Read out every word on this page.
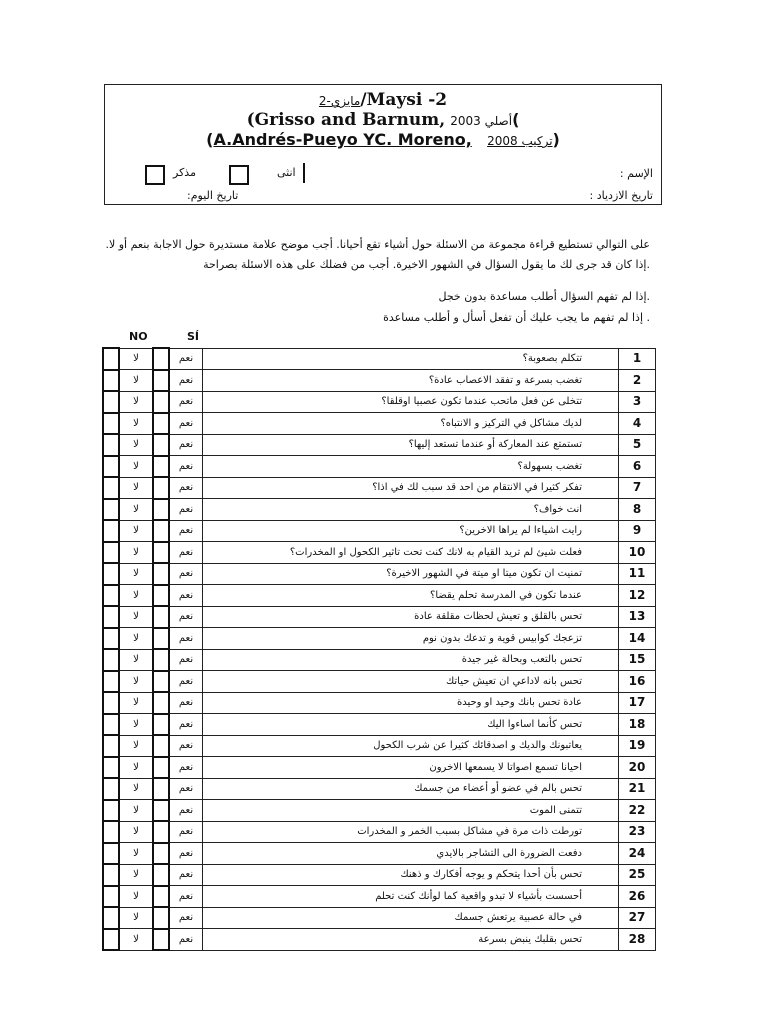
مايزي-2/Maysi -2
(Grisso and Barnum, أصلي 2003(
(A.Andrés-Pueyo YC. Moreno, تركيب 2008)
مذكر	انثى	الإسم :
تاريخ الازدياد :
تاريخ اليوم:
على التوالي تستطيع قراءة مجموعة من الاسئلة حول أشياء تقع أحيانا. أجب موضح علامة مستديرة حول الاجابة بنعم أو لا.
.إذا كان قد جرى لك ما يقول السؤال في الشهور الاخيرة. أجب من فضلك على هذه الاسئلة بصراحة
.إذا لم تفهم السؤال أطلب مساعدة بدون خجل
. إذا لم تفهم ما يجب عليك أن تفعل أسأل و أطلب مساعدة
NO	SÍ
	لا		نعم	تتكلم بصعوبة؟	1
	لا		نعم	تغضب بسرعة و تفقد الاعصاب عادة؟	2
	لا		نعم	تتخلى عن فعل ماتحب عندما تكون عصبيا اوقلقا؟	3
	لا		نعم	لديك مشاكل في التركيز و الانتباه؟	4
	لا		نعم	تستمتع عند المعاركة أو عندما تستعد إليها؟	5
	لا		نعم	تغضب بسهولة؟	6
	لا		نعم	تفكر كثيرا في الانتقام من احد قد سبب لك في اذا؟	7
	لا		نعم	انت خواف؟	8
	لا		نعم	رايت اشياءا لم يراها الاخرين؟	9
	لا		نعم	فعلت شيئ لم تريد القيام به لانك كنت تحت تاثير الكحول او المخدرات؟	10
	لا		نعم	تمنيت ان تكون ميتا او ميتة في الشهور الاخيرة؟	11
	لا		نعم	عندما تكون في المدرسة تحلم يقضا؟	12
	لا		نعم	تحس بالقلق و تعيش لحظات مقلقة عادة	13
	لا		نعم	تزعجك كوابيس قوية و تدعك بدون نوم	14
	لا		نعم	تحس بالتعب وبحالة غير جيدة	15
	لا		نعم	تحس بانه لاداعي ان تعيش حياتك	16
	لا		نعم	عادة تحس بانك وحيد او وحيدة	17
	لا		نعم	تحس كأنما اساءوا اليك	18
	لا		نعم	يعاتبونك والديك و اصدقائك كثيرا عن شرب الكحول	19
	لا		نعم	احيانا تسمع اصواتا لا يسمعها الاخرون	20
	لا		نعم	تحس بالم في عضو أو أعضاء من جسمك	21
	لا		نعم	تتمنى الموت	22
	لا		نعم	تورطت ذات مرة في مشاكل بسبب الخمر و المخدرات	23
	لا		نعم	دفعت الضرورة الى التشاجر بالايدي	24
	لا		نعم	تحس بأن أحدا يتحكم و يوجه أفكارك و ذهنك	25
	لا		نعم	أحسست بأشياء لا تبدو واقعية كما لوأنك كنت تحلم	26
	لا		نعم	في حالة عصبية يرتعش جسمك	27
	لا		نعم	تحس بقلبك ينبض بسرعة	28
